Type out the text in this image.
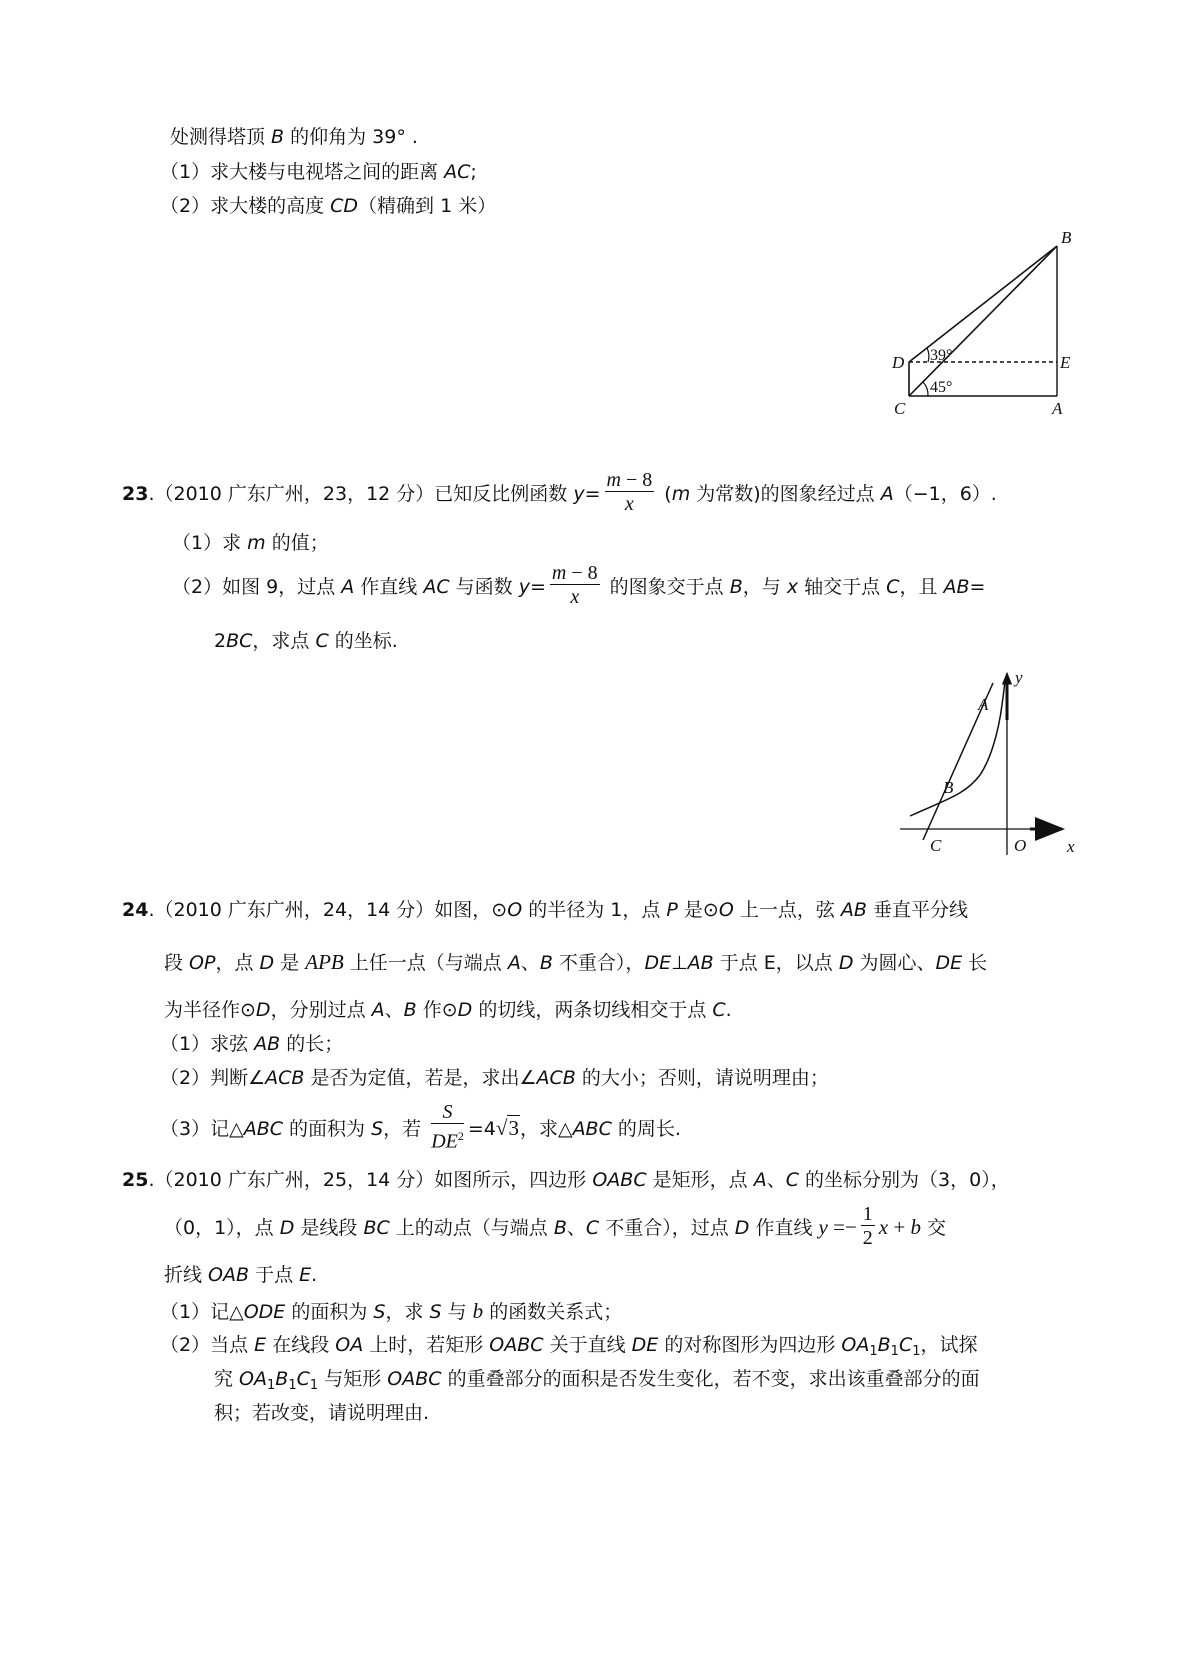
处测得塔顶 B 的仰角为 39° .
（1）求大楼与电视塔之间的距离 AC;
（2）求大楼的高度 CD（精确到 1 米）
39°
45°
B
D	E
C	A
23.（2010 广东广州，23，12 分）已知反比例函数 $y= \frac{m - 8}{x} (m$ 为常数)的图象经过点 A（−1，6）.
（1）求 m 的值；
（2）如图 9，过点 A 作直线 AC 与函数 $y= \frac{m - 8}{x}$ 的图象交于点 B，与 x 轴交于点 C，且 AB=
2BC，求点 C 的坐标.
A
B
C	O x
y
24.（2010 广东广州，24，14 分）如图，⊙O 的半径为 1，点 P 是⊙O 上一点，弦 AB 垂直平分线
段 OP，点 D 是 APB 上任一点（与端点 A、B 不重合），DE⊥AB 于点 E，以点 D 为圆心、DE 长
为半径作⊙D，分别过点 A、B 作⊙D 的切线，两条切线相交于点 C.
（1）求弦 AB 的长；
（2）判断∠ACB 是否为定值，若是，求出∠ACB 的大小；否则，请说明理由；
（3）记△ABC 的面积为 S，若 $\frac{S}{DE^2} =4√3$，求△ABC 的周长.
25.（2010 广东广州，25，14 分）如图所示，四边形 OABC 是矩形，点 A、C 的坐标分别为（3，0），
（0，1），点 D 是线段 BC 上的动点（与端点 B、C 不重合），过点 D 作直线 $y =- \frac{1}{2}$ x + b 交
折线 OAB 于点 E.
（1）记△ODE 的面积为 S，求 S 与 b 的函数关系式；
（2）当点 E 在线段 OA 上时，若矩形 OABC 关于直线 DE 的对称图形为四边形 $OA_1B_1C_1$，试探
究 $OA_1B_1C_1$ 与矩形 OABC 的重叠部分的面积是否发生变化，若不变，求出该重叠部分的面
积；若改变，请说明理由.
